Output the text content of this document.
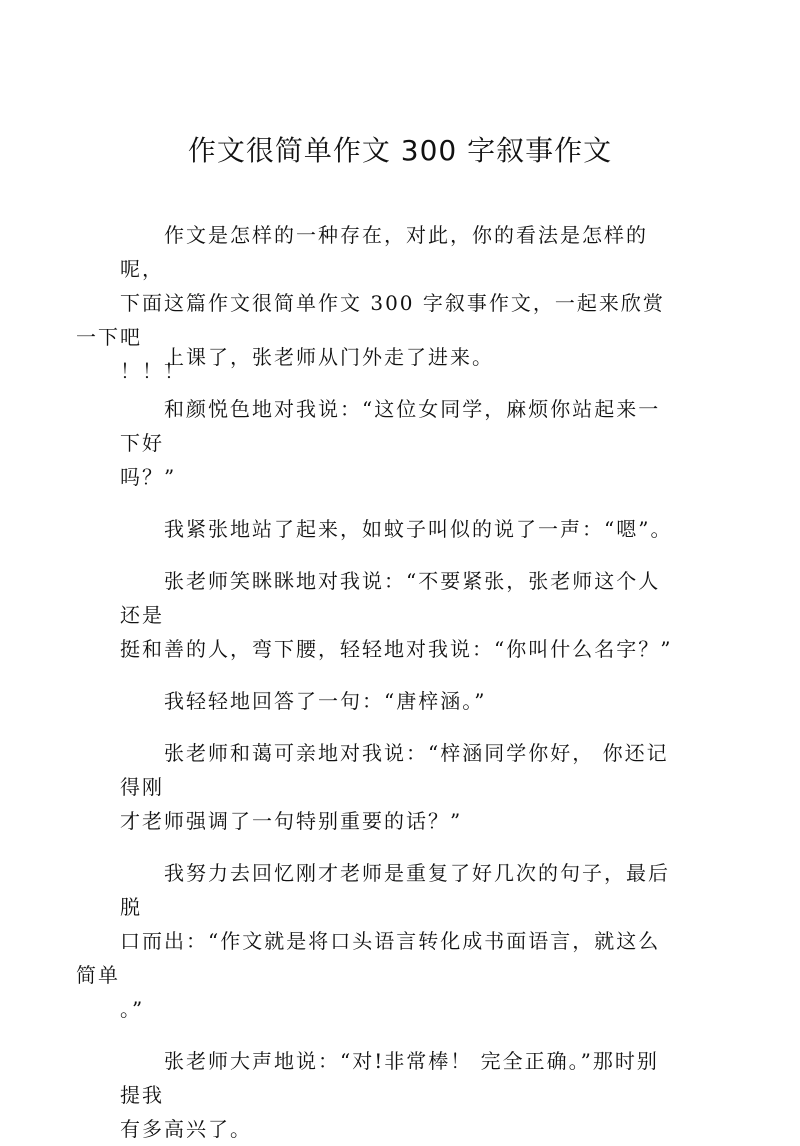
作文很简单作文 300 字叙事作文

作文是怎样的一种存在，对此，你的看法是怎样的呢，
下面这篇作文很简单作文 300 字叙事作文，一起来欣赏一下吧
！！！

上课了，张老师从门外走了进来。

和颜悦色地对我说：“这位女同学，麻烦你站起来一下好
吗？”

我紧张地站了起来，如蚊子叫似的说了一声：“嗯”。

张老师笑眯眯地对我说：“不要紧张，张老师这个人还是
挺和善的人，弯下腰，轻轻地对我说：“你叫什么名字？”

我轻轻地回答了一句：“唐梓涵。”

张老师和蔼可亲地对我说：“梓涵同学你好， 你还记得刚
才老师强调了一句特别重要的话？”

我努力去回忆刚才老师是重复了好几次的句子，最后脱
口而出：“作文就是将口头语言转化成书面语言，就这么简单
。”

张老师大声地说：“对!非常棒！ 完全正确。”那时别提我
有多高兴了。
